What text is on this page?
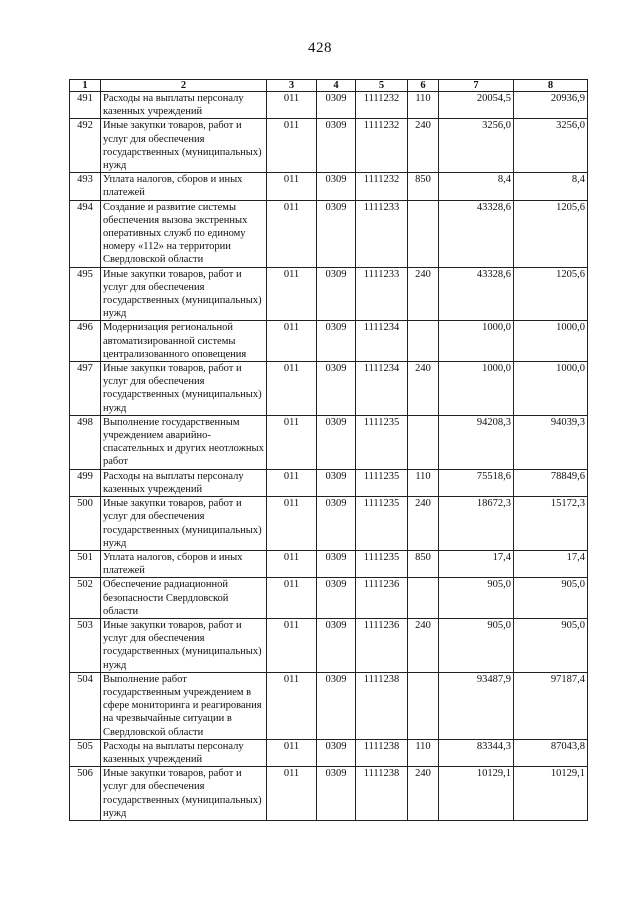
428
1	2	3	4	5	6	7	8
491	Расходы на выплаты персоналу казенных учреждений	011	0309	1111232	110	20054,5	20936,9
492	Иные закупки товаров, работ и услуг для обеспечения государственных (муниципальных) нужд	011	0309	1111232	240	3256,0	3256,0
493	Уплата налогов, сборов и иных платежей	011	0309	1111232	850	8,4	8,4
494	Создание и развитие системы обеспечения вызова экстренных оперативных служб по единому номеру «112» на территории Свердловской области	011	0309	1111233		43328,6	1205,6
495	Иные закупки товаров, работ и услуг для обеспечения государственных (муниципальных) нужд	011	0309	1111233	240	43328,6	1205,6
496	Модернизация региональной автоматизированной системы централизованного оповещения	011	0309	1111234		1000,0	1000,0
497	Иные закупки товаров, работ и услуг для обеспечения государственных (муниципальных) нужд	011	0309	1111234	240	1000,0	1000,0
498	Выполнение государственным учреждением аварийно-спасательных и других неотложных работ	011	0309	1111235		94208,3	94039,3
499	Расходы на выплаты персоналу казенных учреждений	011	0309	1111235	110	75518,6	78849,6
500	Иные закупки товаров, работ и услуг для обеспечения государственных (муниципальных) нужд	011	0309	1111235	240	18672,3	15172,3
501	Уплата налогов, сборов и иных платежей	011	0309	1111235	850	17,4	17,4
502	Обеспечение радиационной безопасности Свердловской области	011	0309	1111236		905,0	905,0
503	Иные закупки товаров, работ и услуг для обеспечения государственных (муниципальных) нужд	011	0309	1111236	240	905,0	905,0
504	Выполнение работ государственным учреждением в сфере мониторинга и реагирования на чрезвычайные ситуации в Свердловской области	011	0309	1111238		93487,9	97187,4
505	Расходы на выплаты персоналу казенных учреждений	011	0309	1111238	110	83344,3	87043,8
506	Иные закупки товаров, работ и услуг для обеспечения государственных (муниципальных) нужд	011	0309	1111238	240	10129,1	10129,1
